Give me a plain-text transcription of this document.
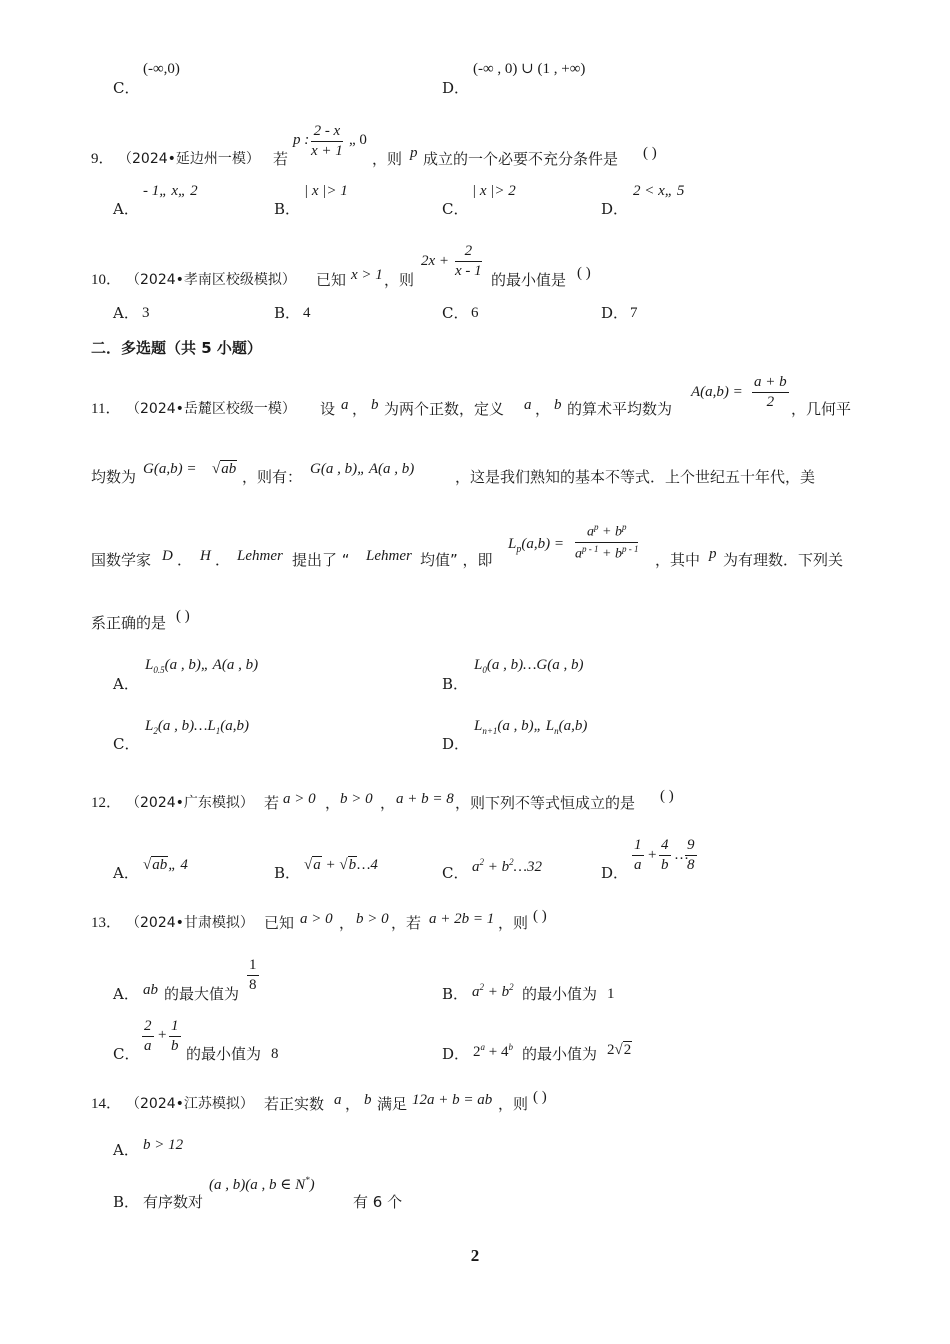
C．
(-∞,0)
D．
(-∞ , 0) ∪ (1 , +∞)
9． （2024•延边州一模） 若
p : $\frac{2 - x}{x + 1}$ „ 0
，则 p 成立的一个必要不充分条件是 ( )
A．
- 1„ x„ 2
B．
| x |> 1
C．
| x |> 2
D．
2 < x„ 5
10． （2024•孝南区校级模拟） 已知 x > 1 ，则
$2x + \frac{2}{x - 1}$
的最小值是 ( )
A． 3	B． 4	C． 6	D． 7
二．多选题（共 5 小题）
11． （2024•岳麓区校级一模） 设 a ， b 为两个正数，定义 a ， b 的算术平均数为
$A(a,b) = \frac{a + b}{2}$ ，几何平
均数为 G(a,b) = √ab ，则有： G(a , b)„ A(a , b)	，这是我们熟知的基本不等式．上个世纪五十年代，美
国数学家 D ． H ． Lehmer 提出了 “ Lehmer 均值” ，即
$L_p(a,b) = \frac{a^p + b^p}{a^{p - 1} + b^{p - 1}}$ ，其中 p 为有理数．下列关
系正确的是 ( )
A．
$L_{0.5}(a$ , b)„ A(a , b)
B．
$L_0(a$ , b)…G(a , b)
C．
$L_2(a$ , $b)\dots L_1(a,b)$
D．
$L_{n+1}(a$ , b)„ $L_n(a,b)$
12． （2024•广东模拟） 若 a > 0 ， b > 0 ， a + b = 8 ，则下列不等式恒成立的是 ( )
A． √ab„ 4	B． √a + √b…4	C． $a^2$ + $b^2\dots 32$	D． $\frac{1}{a} + \frac{4}{b}$ …
$\frac{9}{8}$
13． （2024•甘肃模拟） 已知 a > 0 ， b > 0 ，若 a + 2b = 1 ，则 ( )
A． ab 的最大值为
$\frac{1}{8}$
B． $a^2 + b^2$ 的最小值为 1
C． $\frac{2}{a} + \frac{1}{b}$ 的最小值为 8	D． $2^a + 4^b$ 的最小值为 2√2
14． （2024•江苏模拟） 若正实数 a ， b 满足 12a + b = ab ，则 ( )
A． b > 12
B． 有序数对
(a , b)(a , b ∈ N*)
有 6 个
2
